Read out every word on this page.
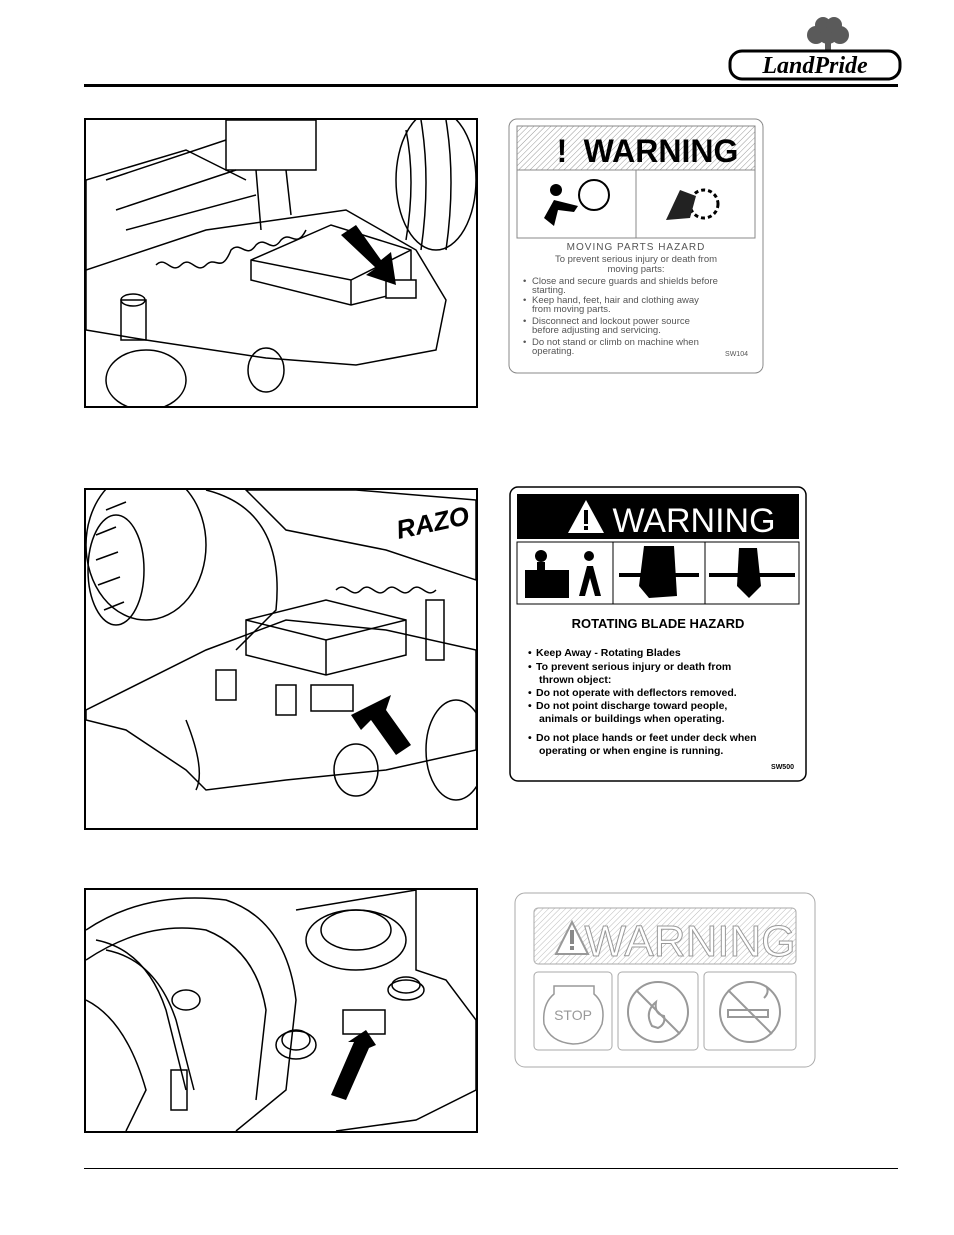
LandPride
! WARNING
MOVING PARTS HAZARD
To prevent serious injury or death from
moving parts:
• Close and secure guards and shields before
starting.
• Keep hand, feet, hair and clothing away
from moving parts.
• Disconnect and lockout power source
before adjusting and servicing.
• Do not stand or climb on machine when
operating.	SW104
RAZO	WARNING
ROTATING BLADE HAZARD
• Keep Away - Rotating Blades
• To prevent serious injury or death from
thrown object:
• Do not operate with deflectors removed.
• Do not point discharge toward people,
animals or buildings when operating.
• Do not place hands or feet under deck when
operating or when engine is running.
SW500
WARNING
STOP
